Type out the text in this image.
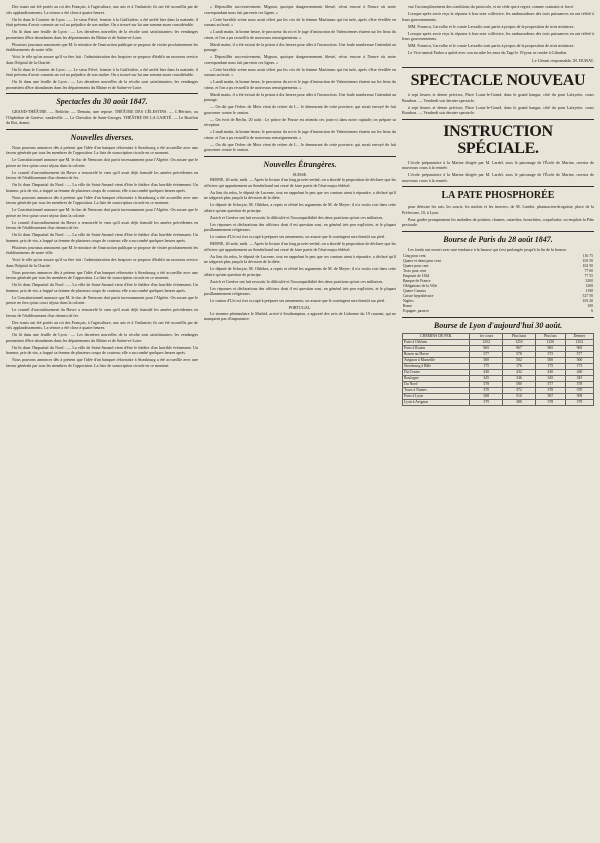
Des toasts ont été portés au roi des Français, à l'agriculture, aux arts et à l'industrie; ils ont été accueillis par de vifs applaudissements. La séance a été close à quatre heures.

On lit dans le Courrier de Lyon : — Le sieur Fiévé, fermier à la Guillotière, a été arrêté hier dans la matinée; il était prévenu d'avoir commis un vol au préjudice de son maître. On a trouvé sur lui une somme assez considérable.

On lit dans une feuille de Lyon : — Les dernières nouvelles de la récolte sont satisfaisantes; les vendanges promettent d'être abondantes dans les départements du Rhône et de Saône-et-Loire.

Plusieurs journaux annoncent que M. le ministre de l'instruction publique se propose de visiter prochainement les établissements de notre ville.

Voici le rôle qu'on assure qu'il va être fait : l'administration des hospices se propose d'établir un nouveau service dans l'hôpital de la Charité.

On lit dans le Courrier de Lyon : — Le sieur Fiévé, fermier à la Guillotière, a été arrêté hier dans la matinée; il était prévenu d'avoir commis un vol au préjudice de son maître. On a trouvé sur lui une somme assez considérable.

On lit dans une feuille de Lyon : — Les dernières nouvelles de la récolte sont satisfaisantes; les vendanges promettent d'être abondantes dans les départements du Rhône et de Saône-et-Loire.

Spectacles du 30 août 1847.

GRAND-THÉÂTRE. — Relâche. — Demain, une reprise. THÉÂTRE DES CÉLESTINS. — L'Héritier, ou l'Orpheline de Genève, vaudeville. — Le Chevalier de Saint-Georges. THÉÂTRE DE LA GAIETÉ. — Le Bouffon du Roi, drame.

Nouvelles diverses.

Nous pouvons annoncer dès à présent que l'idée d'un banquet réformiste à Strasbourg a été accueillie avec une faveur générale par tous les membres de l'opposition. La liste de souscription circule en ce moment.

Le Constitutionnel annonce que M. le duc de Nemours doit partir incessamment pour l'Algérie. On assure que le prince ne fera qu'un court séjour dans la colonie.

Le conseil d'arrondissement du Havre a renouvelé le vœu qu'il avait déjà formulé les années précédentes en faveur de l'établissement d'un chemin de fer.

On lit dans l'Impartial du Nord : — La ville de Saint-Amand vient d'être le théâtre d'un horrible événement. Un homme, pris de vin, a frappé sa femme de plusieurs coups de couteau; elle a succombé quelques heures après.

Nous pouvons annoncer dès à présent que l'idée d'un banquet réformiste à Strasbourg a été accueillie avec une faveur générale par tous les membres de l'opposition. La liste de souscription circule en ce moment.

Le Constitutionnel annonce que M. le duc de Nemours doit partir incessamment pour l'Algérie. On assure que le prince ne fera qu'un court séjour dans la colonie.

Le conseil d'arrondissement du Havre a renouvelé le vœu qu'il avait déjà formulé les années précédentes en faveur de l'établissement d'un chemin de fer.

On lit dans l'Impartial du Nord : — La ville de Saint-Amand vient d'être le théâtre d'un horrible événement. Un homme, pris de vin, a frappé sa femme de plusieurs coups de couteau; elle a succombé quelques heures après.

Plusieurs journaux annoncent que M. le ministre de l'instruction publique se propose de visiter prochainement les établissements de notre ville.

Voici le rôle qu'on assure qu'il va être fait : l'administration des hospices se propose d'établir un nouveau service dans l'hôpital de la Charité.

Nous pouvons annoncer dès à présent que l'idée d'un banquet réformiste à Strasbourg a été accueillie avec une faveur générale par tous les membres de l'opposition. La liste de souscription circule en ce moment.

On lit dans l'Impartial du Nord : — La ville de Saint-Amand vient d'être le théâtre d'un horrible événement. Un homme, pris de vin, a frappé sa femme de plusieurs coups de couteau; elle a succombé quelques heures après.

Le Constitutionnel annonce que M. le duc de Nemours doit partir incessamment pour l'Algérie. On assure que le prince ne fera qu'un court séjour dans la colonie.

Le conseil d'arrondissement du Havre a renouvelé le vœu qu'il avait déjà formulé les années précédentes en faveur de l'établissement d'un chemin de fer.

Des toasts ont été portés au roi des Français, à l'agriculture, aux arts et à l'industrie; ils ont été accueillis par de vifs applaudissements. La séance a été close à quatre heures.

On lit dans une feuille de Lyon : — Les dernières nouvelles de la récolte sont satisfaisantes; les vendanges promettent d'être abondantes dans les départements du Rhône et de Saône-et-Loire.

On lit dans l'Impartial du Nord : — La ville de Saint-Amand vient d'être le théâtre d'un horrible événement. Un homme, pris de vin, a frappé sa femme de plusieurs coups de couteau; elle a succombé quelques heures après.

Nous pouvons annoncer dès à présent que l'idée d'un banquet réformiste à Strasbourg a été accueillie avec une faveur générale par tous les membres de l'opposition. La liste de souscription circule en ce moment.

« Dépouillés successivement, Mignon, quoique dangereusement blessé, vécut encore à l'heure où notre correspondant nous fait parvenir ces lignes. »

« Cette horrible scène nous avait offert par les cris de la femme Martineau qui fut tuée, après s'être éveillée en sursaut au bruit. »

« Lundi matin, la bonne heure, le procureur du roi et le juge d'instruction de Valenciennes étaient sur les lieux du crime, et l'on a pu recueillir de nouveaux renseignements. »

Mardi matin, il a été extrait de la prison à dix heures pour aller à l'instruction. Une foule nombreuse l'attendait au passage.

« Dépouillés successivement, Mignon, quoique dangereusement blessé, vécut encore à l'heure où notre correspondant nous fait parvenir ces lignes. »

« Cette horrible scène nous avait offert par les cris de la femme Martineau qui fut tuée, après s'être éveillée en sursaut au bruit. »

« Lundi matin, la bonne heure, le procureur du roi et le juge d'instruction de Valenciennes étaient sur les lieux du crime, et l'on a pu recueillir de nouveaux renseignements. »

Mardi matin, il a été extrait de la prison à dix heures pour aller à l'instruction. Une foule nombreuse l'attendait au passage.

— On dit que l'échec de Metz vient de retirer de L... le demeurant de cette province, qui serait envoyé de fait gouverner contre le canton.

— On écrit de Berlin, 20 août : Le prince de Prusse est attendu ces jours-ci dans notre capitale; on prépare sa réception.

« Lundi matin, la bonne heure, le procureur du roi et le juge d'instruction de Valenciennes étaient sur les lieux du crime, et l'on a pu recueillir de nouveaux renseignements. »

— On dit que l'échec de Metz vient de retirer de L... le demeurant de cette province, qui serait envoyé de fait gouverner contre le canton.

Nouvelles Étrangères.
SUISSE.

BERNE, 26 août, midi. — Après la lecture d'un long procès-verbal, on a abordé la proposition de déclarer que les officiers qui appartiennent au Sonderbund ont cessé de faire partie de l'état-major fédéral.

Au lieu du refus, le député de Lucerne, tout en rappelant le peu que ces cantons aient à répondre, a déclaré qu'il ne siégerait plus jusqu'à la décision de la diète.

Le député de Schwytz, M. Ohlekes, a repris et réfuté les arguments de M. de Meyer; il n'a voulu voir dans cette affaire qu'une question de principe.

Zurich et Genève ont fait ressortir la difficulté et l'incompatibilité des deux positions qu'ont ces militaires.

Les réponses et déclarations des officiers dont il est question sont, en général très peu explicites, et le plupart pusillanimement religieuses.

Le canton d'Uri est fort occupé à préparer ses armements; on assure que le contingent sera bientôt sur pied.

BERNE, 26 août, midi. — Après la lecture d'un long procès-verbal, on a abordé la proposition de déclarer que les officiers qui appartiennent au Sonderbund ont cessé de faire partie de l'état-major fédéral.

Au lieu du refus, le député de Lucerne, tout en rappelant le peu que ces cantons aient à répondre, a déclaré qu'il ne siégerait plus jusqu'à la décision de la diète.

Le député de Schwytz, M. Ohlekes, a repris et réfuté les arguments de M. de Meyer; il n'a voulu voir dans cette affaire qu'une question de principe.

Zurich et Genève ont fait ressortir la difficulté et l'incompatibilité des deux positions qu'ont ces militaires.

Les réponses et déclarations des officiers dont il est question sont, en général très peu explicites, et le plupart pusillanimement religieuses.

Le canton d'Uri est fort occupé à préparer ses armements; on assure que le contingent sera bientôt sur pied.

PORTUGAL.

Le steamer péninsulaire le Madrid, arrivé à Southampton, a apporté des avis de Lisbonne du 19 courant, qui ne manquent pas d'importance.

vue l'accomplissement des conditions du protocole, et ne cède que à regret, comme contraint et forcé.

Lorsque après avoir reçu la réponse à leur note collective, les ambassadeurs des trois puissances en ont référé à leurs gouvernements.

MM. Fonseca, Carvalho et le comte Lavradio sont partis à propos de la proposition de trois ministres.

Lorsque après avoir reçu la réponse à leur note collective, les ambassadeurs des trois puissances en ont référé à leurs gouvernements.

MM. Fonseca, Carvalho et le comte Lavradio sont partis à propos de la proposition de trois ministres.

Le Vice-amiral Parker a quitté avec son escadre les eaux du Tage le 19 pour se rendre à Gibraltar.

Le Gérant responsable, M. DURAT.
SPECTACLE NOUVEAU

à sept heures et demie précises, Place Louis-le-Grand, dans le grand hangar, côté du pont Lafayette, cours Bourbon. — Vendredi soir dernier spectacle.

à sept heures et demie précises, Place Louis-le-Grand, dans le grand hangar, côté du pont Lafayette, cours Bourbon. — Vendredi soir dernier spectacle.

INSTRUCTION SPÉCIALE.

L'école préparatoire à la Marine dirigée par M. Lardel, sous le patronage de l'École de Marine, ouvrira de nouveaux cours à la rentrée.

L'école préparatoire à la Marine dirigée par M. Lardel, sous le patronage de l'École de Marine, ouvrira de nouveaux cours à la rentrée.

LA PATE PHOSPHORÉE

pour détruire les rats, les souris, les mulots et les insectes, de M. Laridet, pharmacien-droguiste, place de la Préfecture, 10, à Lyon.

Pour garder promptement les maladies de poitrine, rhumes, catarrhes, bronchites, coqueluche, on emploie la Pâte pectorale.

Bourse de Paris du 28 août 1847.

Les fonds ont ouvert avec une tendance à la hausse qui s'est prolongée jusqu'à la fin de la bourse.

Cinq pour cent	116 75
Quatre et demi pour cent	103 50
Quatre pour cent	102 50
Trois pour cent	77 60
Emprunt de 1844	77 55
Banque de France	3200
Obligations de la Ville	1300
Quatre Canaux	1190
Caisse hypothécaire	527 50
Naples	103 20
Rome	100
Espagne, passive	6
Bourse de Lyon d'aujourd'hui 30 août.
CHEMINS DE FER.	1er cours	Plus haut	Plus bas	Dernier
Paris à Orléans	1252	1255	1250	1252
Paris à Rouen	965	967	965	965
Rouen au Havre	577	578	575	577
Avignon à Marseille	500	502	500	500
Strasbourg à Bâle	175	176	175	175
Du Centre	430	432	430	430
Boulogne	345	346	345	345
Du Nord	578	580	577	578
Tours à Nantes	370	372	370	370
Paris à Lyon	508	510	507	508
Lyon à Avignon	379	380	378	379
